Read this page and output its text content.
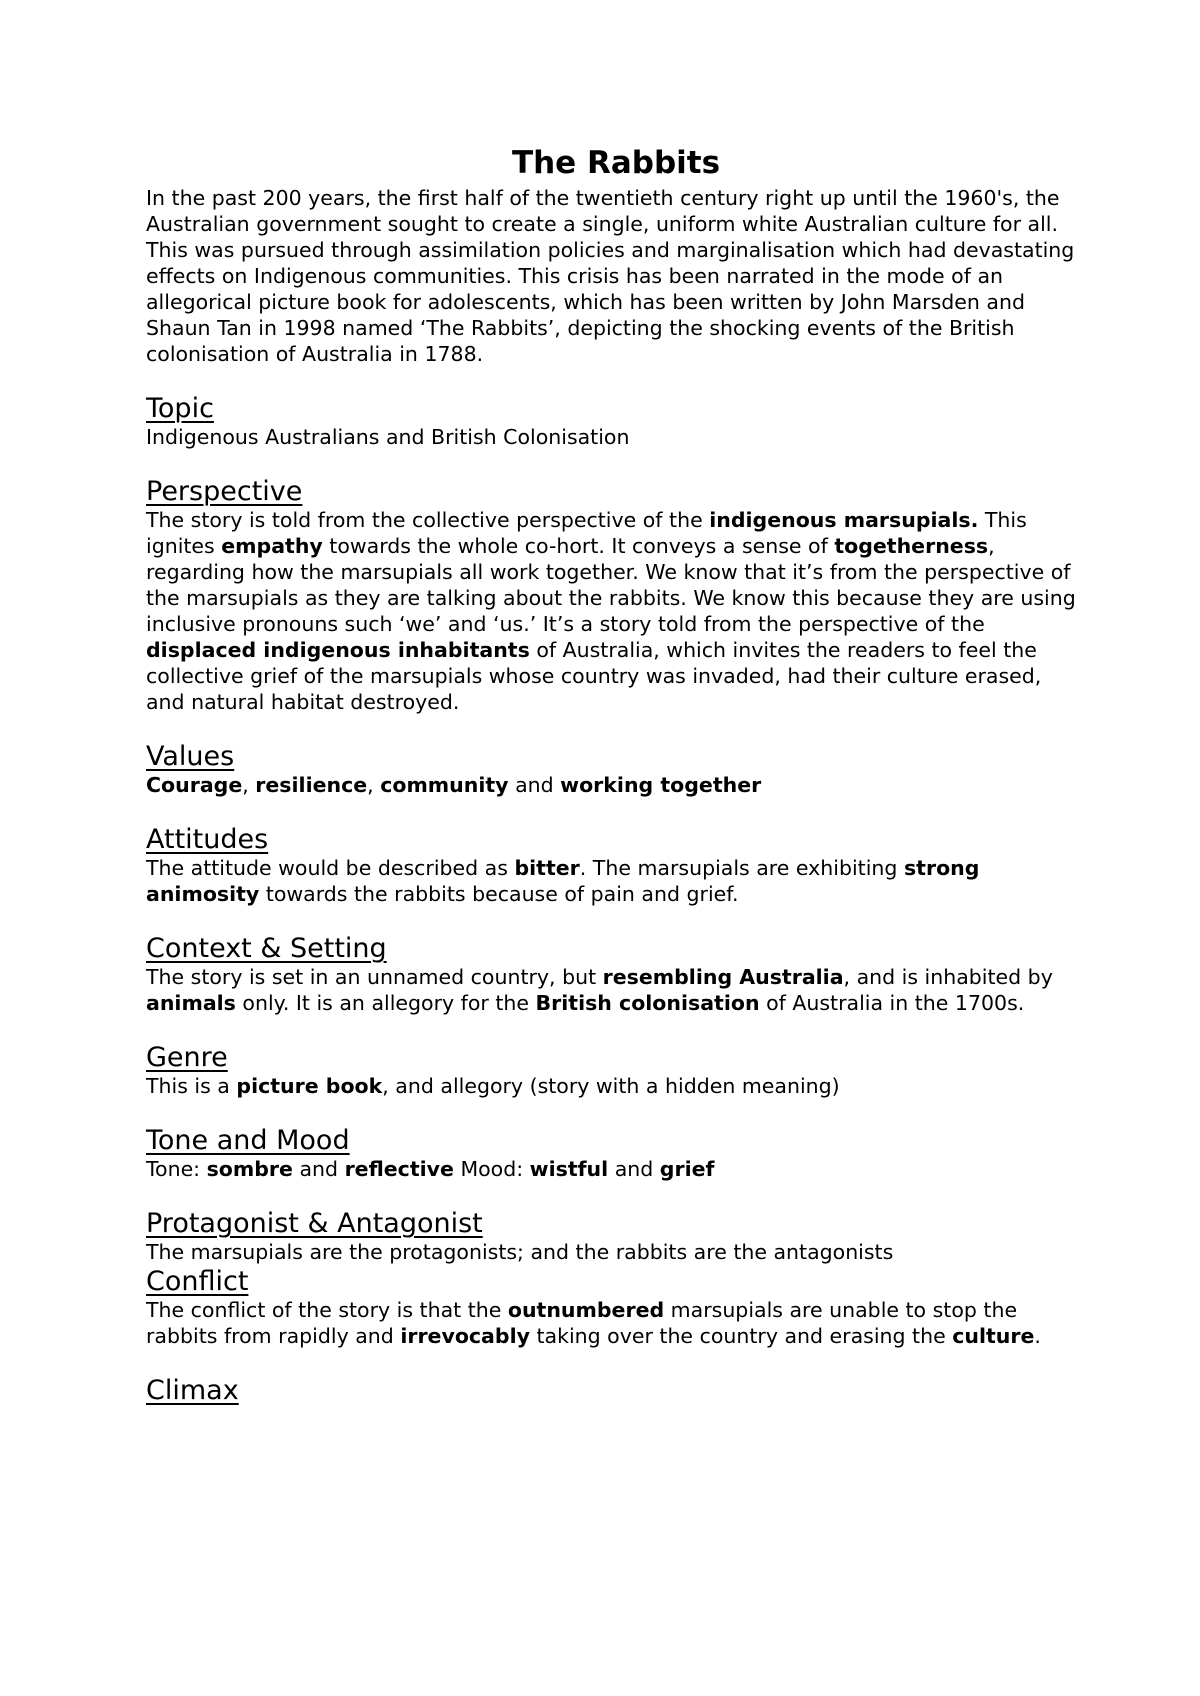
The Rabbits

In the past 200 years, the first half of the twentieth century right up until the 1960's, the Australian government sought to create a single, uniform white Australian culture for all. This was pursued through assimilation policies and marginalisation which had devastating effects on Indigenous communities. This crisis has been narrated in the mode of an allegorical picture book for adolescents, which has been written by John Marsden and Shaun Tan in 1998 named ‘The Rabbits’, depicting the shocking events of the British colonisation of Australia in 1788.

Topic

Indigenous Australians and British Colonisation

Perspective

The story is told from the collective perspective of the indigenous marsupials. This ignites empathy towards the whole co-hort. It conveys a sense of togetherness, regarding how the marsupials all work together. We know that it’s from the perspective of the marsupials as they are talking about the rabbits. We know this because they are using inclusive pronouns such ‘we’ and ‘us.’ It’s a story told from the perspective of the displaced indigenous inhabitants of Australia, which invites the readers to feel the collective grief of the marsupials whose country was invaded, had their culture erased, and natural habitat destroyed.

Values

Courage, resilience, community and working together

Attitudes

The attitude would be described as bitter. The marsupials are exhibiting strong animosity towards the rabbits because of pain and grief.

Context & Setting

The story is set in an unnamed country, but resembling Australia, and is inhabited by animals only. It is an allegory for the British colonisation of Australia in the 1700s.

Genre

This is a picture book, and allegory (story with a hidden meaning)

Tone and Mood

Tone: sombre and reflective Mood: wistful and grief

Protagonist & Antagonist

The marsupials are the protagonists; and the rabbits are the antagonists

Conflict

The conflict of the story is that the outnumbered marsupials are unable to stop the rabbits from rapidly and irrevocably taking over the country and erasing the culture.

Climax
